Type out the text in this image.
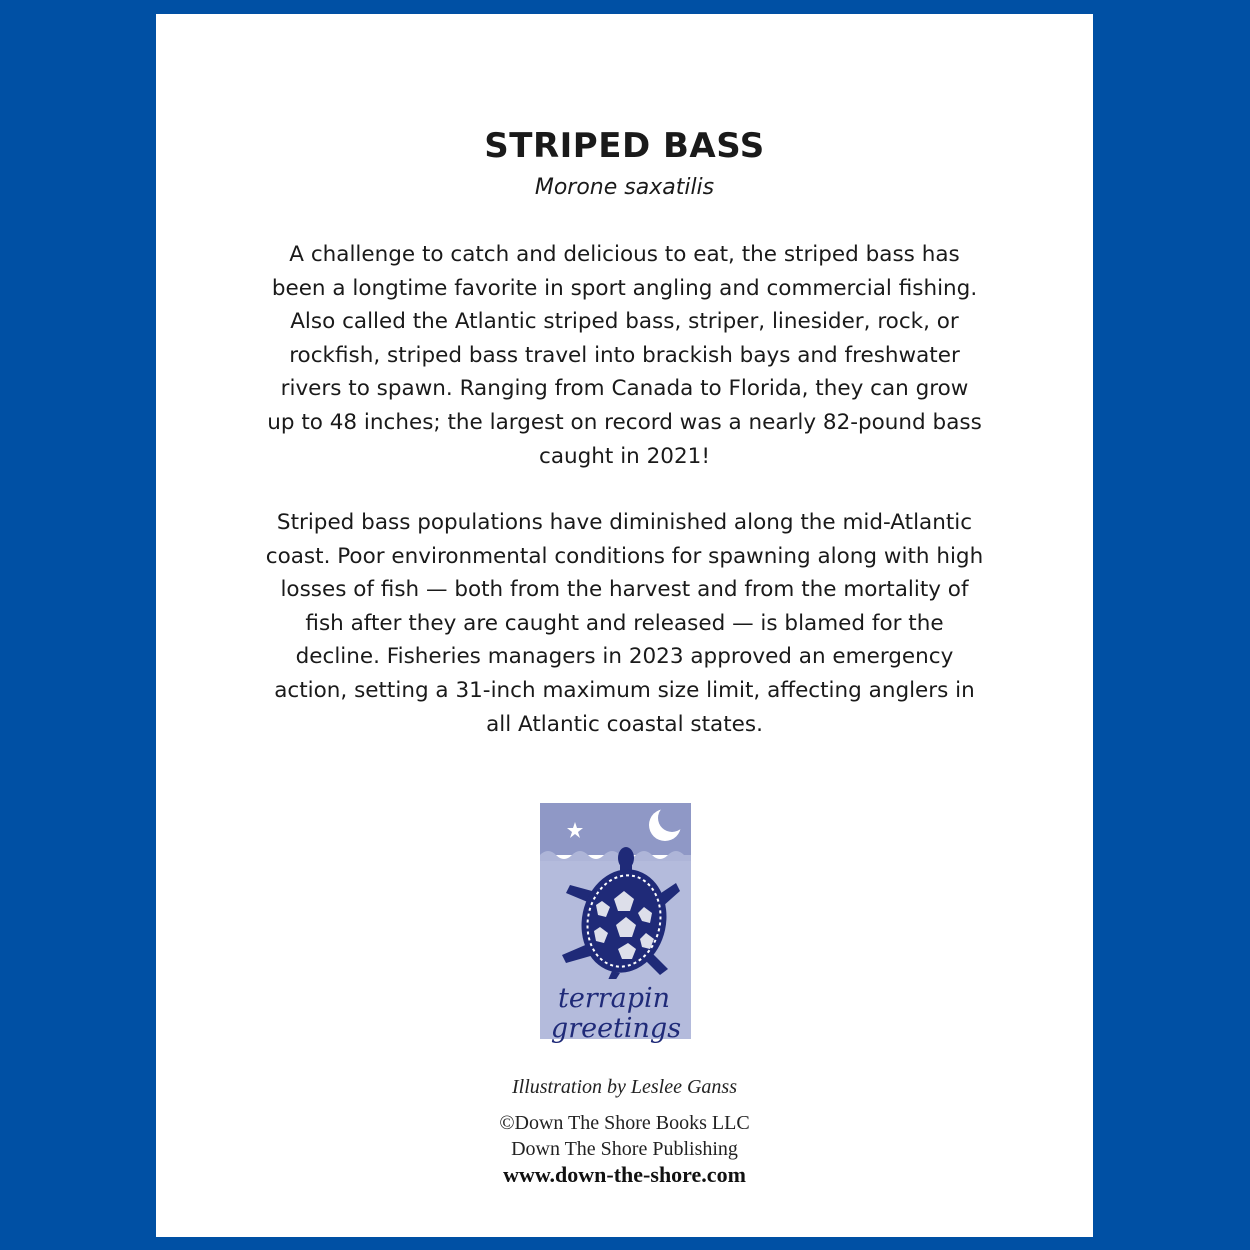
STRIPED BASS
Morone saxatilis
A challenge to catch and delicious to eat, the striped bass has been a longtime favorite in sport angling and commercial fishing. Also called the Atlantic striped bass, striper, linesider, rock, or rockfish, striped bass travel into brackish bays and freshwater rivers to spawn. Ranging from Canada to Florida, they can grow up to 48 inches; the largest on record was a nearly 82-pound bass caught in 2021!
Striped bass populations have diminished along the mid-Atlantic coast. Poor environmental conditions for spawning along with high losses of fish — both from the harvest and from the mortality of fish after they are caught and released — is blamed for the decline. Fisheries managers in 2023 approved an emergency action, setting a 31-inch maximum size limit, affecting anglers in all Atlantic coastal states.
terrapin
greetings
Illustration by Leslee Ganss
©Down The Shore Books LLC
Down The Shore Publishing
www.down-the-shore.com
